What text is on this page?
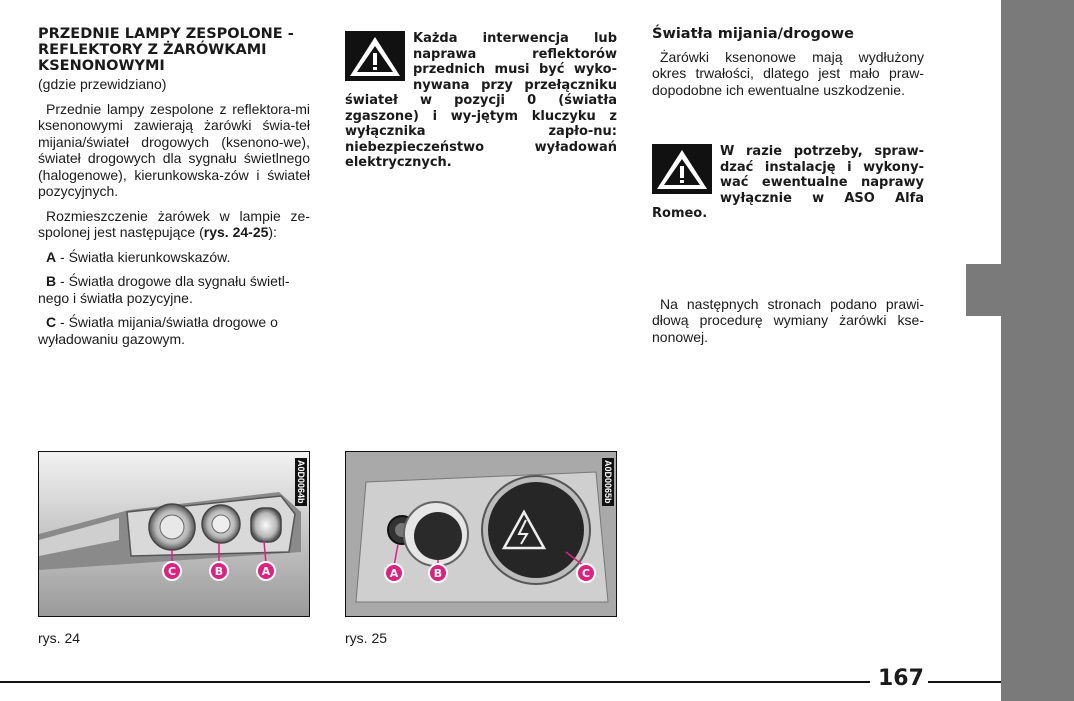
PRZEDNIE LAMPY ZESPOLONE - REFLEKTORY Z ŻARÓWKAMI KSENONOWYMI
(gdzie przewidziano)

Przednie lampy zespolone z reflektora-mi ksenonowymi zawierają żarówki świa-teł mijania/świateł drogowych (ksenono-we), świateł drogowych dla sygnału świetlnego (halogenowe), kierunkowska-zów i świateł pozycyjnych.

Rozmieszczenie żarówek w lampie ze-spolonej jest następujące (rys. 24-25):

A - Światła kierunkowskazów.

B - Światła drogowe dla sygnału świetl-nego i światła pozycyjne.

C - Światła mijania/światła drogowe o wyładowaniu gazowym.

Każda interwencja lub naprawa reflektorów przednich musi być wyko-nywana przy przełączniku świateł w pozycji 0 (światła zgaszone) i wy-jętym kluczyku z wyłącznika zapło-nu: niebezpieczeństwo wyładowań elektrycznych.
Światła mijania/drogowe

Żarówki ksenonowe mają wydłużony okres trwałości, dlatego jest mało praw-dopodobne ich ewentualne uszkodzenie.

W razie potrzeby, spraw-dzać instalację i wykony-wać ewentualne naprawy wyłącznie w ASO Alfa Romeo.

Na następnych stronach podano prawi-dłową procedurę wymiany żarówki kse-nonowej.

C	B	A
A0D0064b
rys. 24
A	B	C
A0D0065b
rys. 25
167
